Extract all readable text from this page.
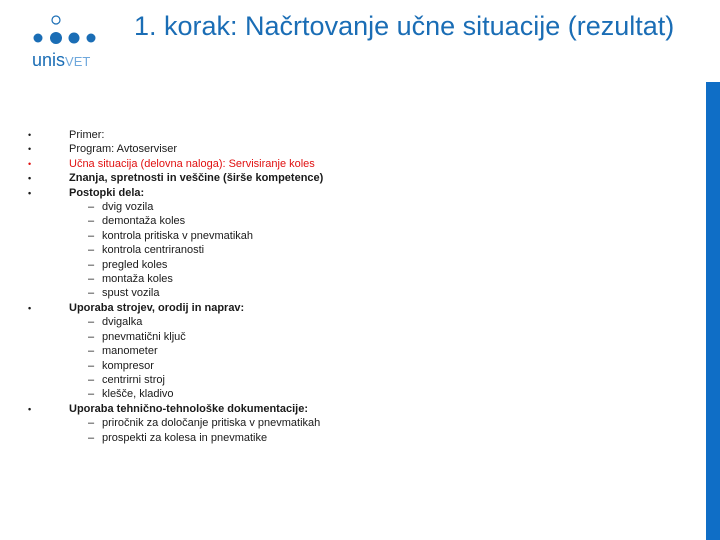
unisVET
1. korak: Načrtovanje učne situacije (rezultat)
•	Primer:
•	Program: Avtoserviser
•	Učna situacija (delovna naloga): Servisiranje koles
•	Znanja, spretnosti in veščine (širše kompetence)
•	Postopki dela:
– dvig vozila
– demontaža koles
– kontrola pritiska v pnevmatikah
– kontrola centriranosti
– pregled koles
– montaža koles
– spust vozila
•	Uporaba strojev, orodij in naprav:
– dvigalka
– pnevmatični ključ
– manometer
– kompresor
– centrirni stroj
– klešče, kladivo
•	Uporaba tehnično-tehnološke dokumentacije:
– priročnik za določanje pritiska v pnevmatikah
– prospekti za kolesa in pnevmatike
